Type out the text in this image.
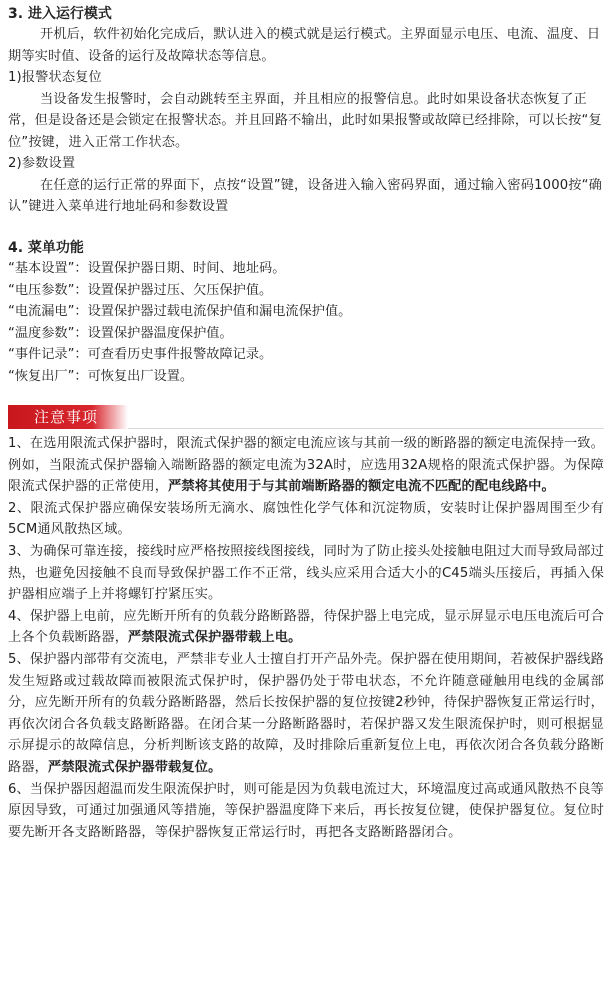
3. 进入运行模式

开机后，软件初始化完成后，默认进入的模式就是运行模式。主界面显示电压、电流、温度、日期等实时值、设备的运行及故障状态等信息。

1)报警状态复位

当设备发生报警时，会自动跳转至主界面，并且相应的报警信息。此时如果设备状态恢复了正常，但是设备还是会锁定在报警状态。并且回路不输出，此时如果报警或故障已经排除，可以长按“复位”按键，进入正常工作状态。

2)参数设置

在任意的运行正常的界面下，点按“设置”键，设备进入输入密码界面，通过输入密码1000按“确认”键进入菜单进行地址码和参数设置

4. 菜单功能

“基本设置”：设置保护器日期、时间、地址码。

“电压参数”：设置保护器过压、欠压保护值。

“电流漏电”：设置保护器过载电流保护值和漏电流保护值。

“温度参数”：设置保护器温度保护值。

“事件记录”：可查看历史事件报警故障记录。

“恢复出厂”：可恢复出厂设置。

注意事项

1、在选用限流式保护器时，限流式保护器的额定电流应该与其前一级的断路器的额定电流保持一致。例如，当限流式保护器输入端断路器的额定电流为32A时，应选用32A规格的限流式保护器。为保障限流式保护器的正常使用，严禁将其使用于与其前端断路器的额定电流不匹配的配电线路中。

2、限流式保护器应确保安装场所无滴水、腐蚀性化学气体和沉淀物质，安装时让保护器周围至少有5CM通风散热区域。

3、为确保可靠连接，接线时应严格按照接线图接线，同时为了防止接头处接触电阻过大而导致局部过热，也避免因接触不良而导致保护器工作不正常，线头应采用合适大小的C45端头压接后，再插入保护器相应端子上并将螺钉拧紧压实。

4、保护器上电前，应先断开所有的负载分路断路器，待保护器上电完成，显示屏显示电压电流后可合上各个负载断路器，严禁限流式保护器带载上电。

5、保护器内部带有交流电，严禁非专业人士擅自打开产品外壳。保护器在使用期间，若被保护器线路发生短路或过载故障而被限流式保护时，保护器仍处于带电状态，不允许随意碰触用电线的金属部分，应先断开所有的负载分路断路器，然后长按保护器的复位按键2秒钟，待保护器恢复正常运行时，再依次闭合各负载支路断路器。在闭合某一分路断路器时，若保护器又发生限流保护时，则可根据显示屏提示的故障信息，分析判断该支路的故障，及时排除后重新复位上电，再依次闭合各负载分路断路器，严禁限流式保护器带载复位。

6、当保护器因超温而发生限流保护时，则可能是因为负载电流过大，环境温度过高或通风散热不良等原因导致，可通过加强通风等措施，等保护器温度降下来后，再长按复位键，使保护器复位。复位时要先断开各支路断路器，等保护器恢复正常运行时，再把各支路断路器闭合。
